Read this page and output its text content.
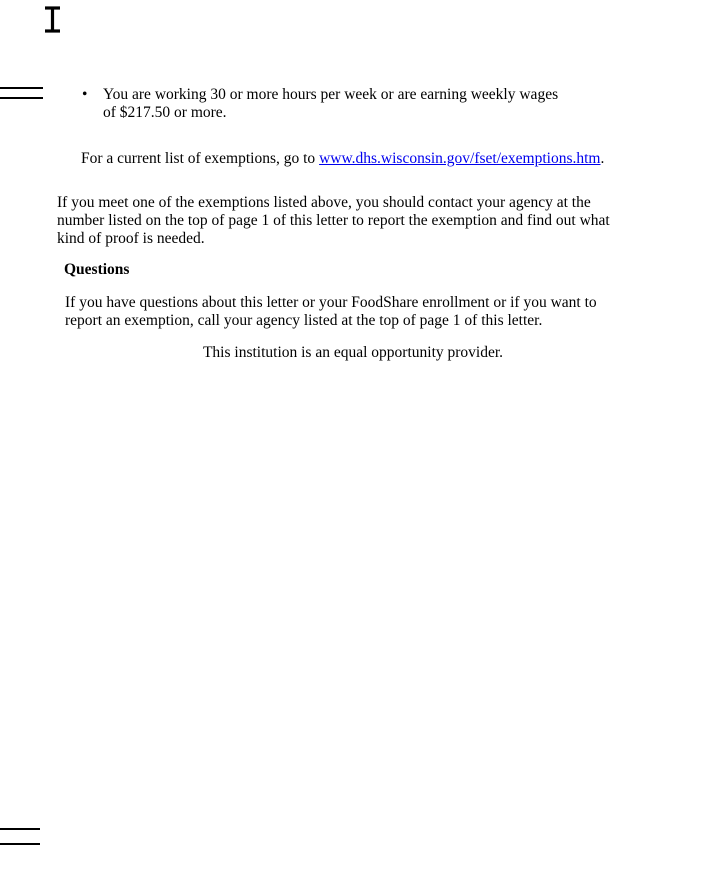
•	You are working 30 or more hours per week or are earning weekly wages
of $217.50 or more.
For a current list of exemptions, go to www.dhs.wisconsin.gov/fset/exemptions.htm.
If you meet one of the exemptions listed above, you should contact your agency at the
number listed on the top of page 1 of this letter to report the exemption and find out what
kind of proof is needed.
Questions
If you have questions about this letter or your FoodShare enrollment or if you want to
report an exemption, call your agency listed at the top of page 1 of this letter.
This institution is an equal opportunity provider.
